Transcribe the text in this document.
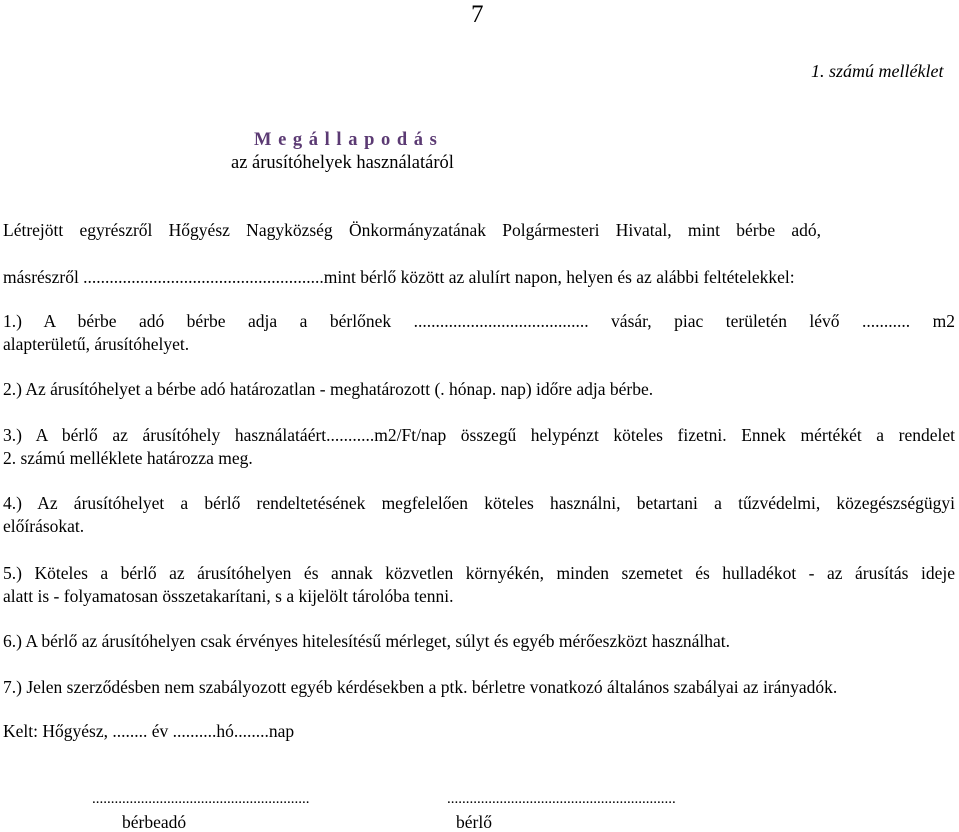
7
1. számú melléklet
M e g á l l a p o d á s
az árusítóhelyek használatáról
Létrejött egyrészről Hőgyész Nagyközség Önkormányzatának Polgármesteri Hivatal, mint bérbe adó,
másrészről .......................................................mint bérlő között az alulírt napon, helyen és az alábbi feltételekkel:
1.) A bérbe adó bérbe adja a bérlőnek ........................................ vásár, piac területén lévő ........... m2
alapterületű, árusítóhelyet.
2.) Az árusítóhelyet a bérbe adó határozatlan - meghatározott (. hónap. nap) időre adja bérbe.
3.) A bérlő az árusítóhely használatáért...........m2/Ft/nap összegű helypénzt köteles fizetni. Ennek mértékét a rendelet
2. számú melléklete határozza meg.
4.) Az árusítóhelyet a bérlő rendeltetésének megfelelően köteles használni, betartani a tűzvédelmi, közegészségügyi
előírásokat.
5.) Köteles a bérlő az árusítóhelyen és annak közvetlen környékén, minden szemetet és hulladékot - az árusítás ideje
alatt is - folyamatosan összetakarítani, s a kijelölt tárolóba tenni.
6.) A bérlő az árusítóhelyen csak érvényes hitelesítésű mérleget, súlyt és egyéb mérőeszközt használhat.
7.) Jelen szerződésben nem szabályozott egyéb kérdésekben a ptk. bérletre vonatkozó általános szabályai az irányadók.
Kelt: Hőgyész, ........ év ..........hó........nap
..........................................................
bérbeadó
.............................................................
bérlő
